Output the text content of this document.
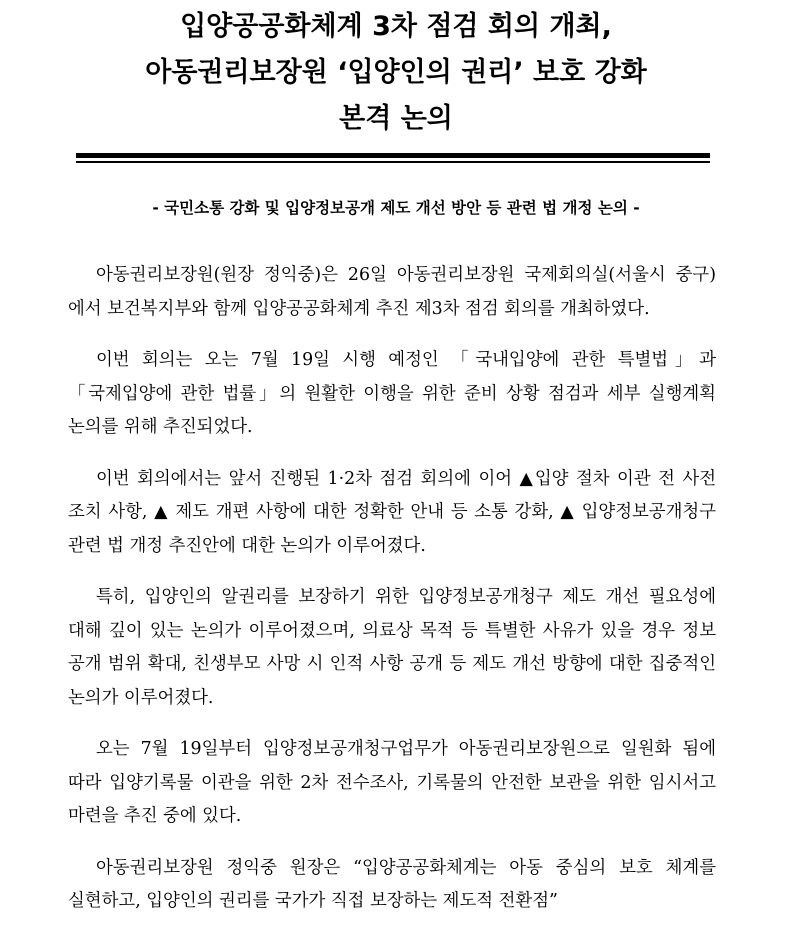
입양공공화체계 3차 점검 회의 개최,
아동권리보장원 ‘입양인의 권리’ 보호 강화
본격 논의
- 국민소통 강화 및 입양정보공개 제도 개선 방안 등 관련 법 개정 논의 -

아동권리보장원(원장 정익중)은 26일 아동권리보장원 국제회의실(서울시 중구)에서 보건복지부와 함께 입양공공화체계 추진 제3차 점검 회의를 개최하였다.

이번 회의는 오는 7월 19일 시행 예정인 「국내입양에 관한 특별법」과 「국제입양에 관한 법률」의 원활한 이행을 위한 준비 상황 점검과 세부 실행계획 논의를 위해 추진되었다.

이번 회의에서는 앞서 진행된 1·2차 점검 회의에 이어 ▲입양 절차 이관 전 사전 조치 사항, ▲ 제도 개편 사항에 대한 정확한 안내 등 소통 강화, ▲ 입양정보공개청구 관련 법 개정 추진안에 대한 논의가 이루어졌다.

특히, 입양인의 알권리를 보장하기 위한 입양정보공개청구 제도 개선 필요성에 대해 깊이 있는 논의가 이루어졌으며, 의료상 목적 등 특별한 사유가 있을 경우 정보 공개 범위 확대, 친생부모 사망 시 인적 사항 공개 등 제도 개선 방향에 대한 집중적인 논의가 이루어졌다.

오는 7월 19일부터 입양정보공개청구업무가 아동권리보장원으로 일원화 됨에 따라 입양기록물 이관을 위한 2차 전수조사, 기록물의 안전한 보관을 위한 임시서고 마련을 추진 중에 있다.

아동권리보장원 정익중 원장은 “입양공공화체계는 아동 중심의 보호 체계를 실현하고, 입양인의 권리를 국가가 직접 보장하는 제도적 전환점”
